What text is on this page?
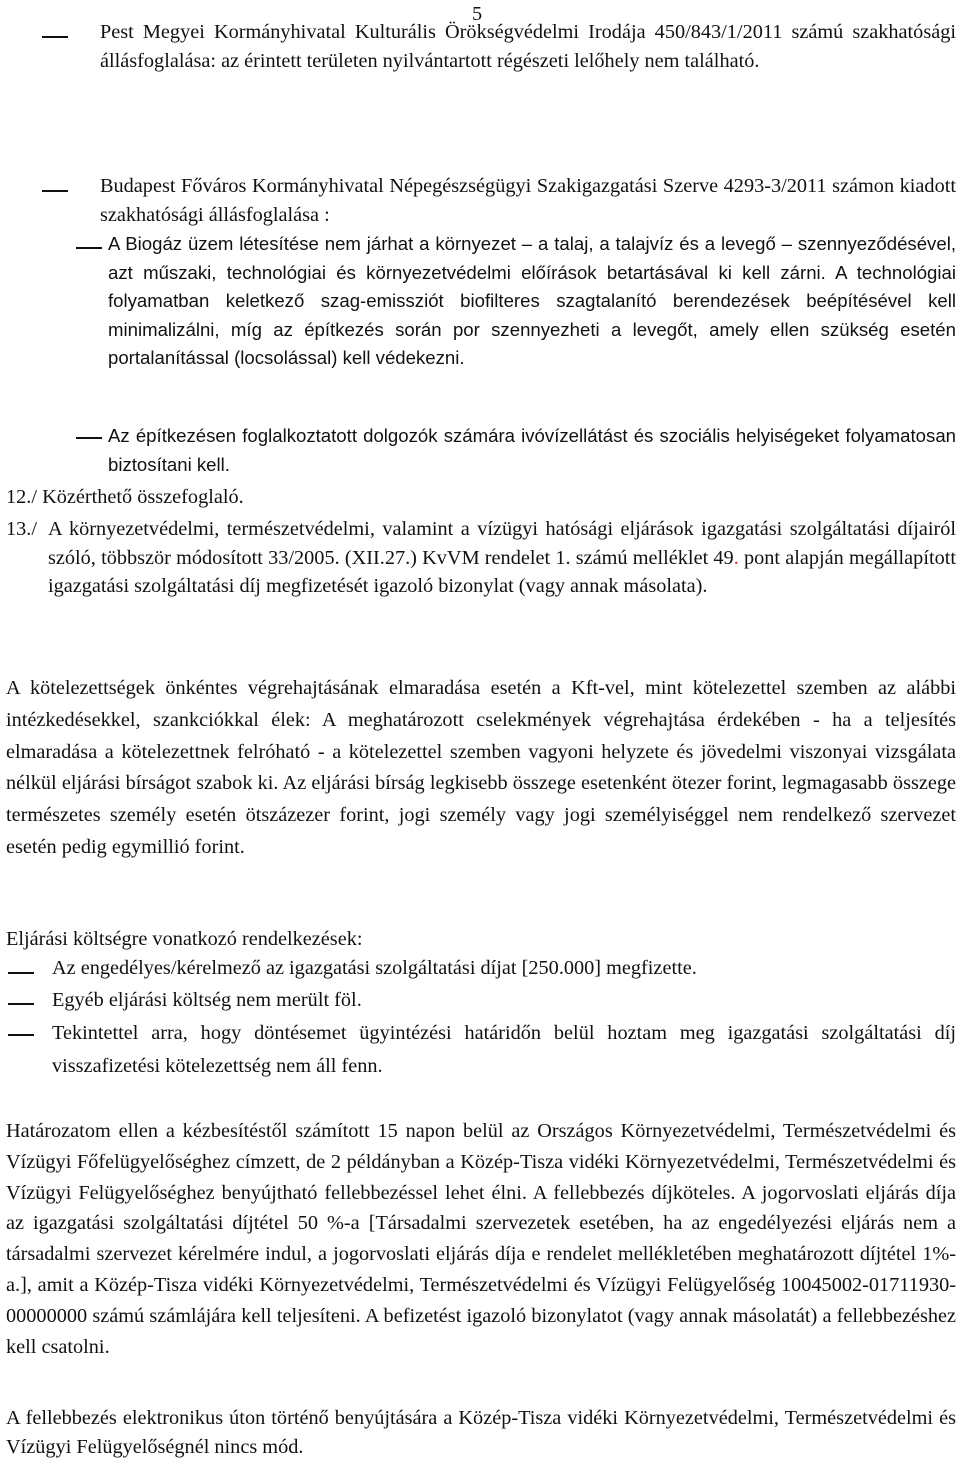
5
Pest Megyei Kormányhivatal Kulturális Örökségvédelmi Irodája 450/843/1/2011 számú szakhatósági állásfoglalása: az érintett területen nyilvántartott régészeti lelőhely nem található.
Budapest Főváros Kormányhivatal Népegészségügyi Szakigazgatási Szerve 4293-3/2011 számon kiadott szakhatósági állásfoglalása :
A Biogáz üzem létesítése nem járhat a környezet – a talaj, a talajvíz és a levegő – szennyeződésével, azt műszaki, technológiai és környezetvédelmi előírások betartásával ki kell zárni. A technológiai folyamatban keletkező szag-emissziót biofilteres szagtalanító berendezések beépítésével kell minimalizálni, míg az építkezés során por szennyezheti a levegőt, amely ellen szükség esetén portalanítással (locsolással) kell védekezni.
Az építkezésen foglalkoztatott dolgozók számára ivóvízellátást és szociális helyiségeket folyamatosan biztosítani kell.
12./ Közérthető összefoglaló.
13./ A környezetvédelmi, természetvédelmi, valamint a vízügyi hatósági eljárások igazgatási szolgáltatási díjairól szóló, többször módosított 33/2005. (XII.27.) KvVM rendelet 1. számú melléklet 49. pont alapján megállapított igazgatási szolgáltatási díj megfizetését igazoló bizonylat (vagy annak másolata).
A kötelezettségek önkéntes végrehajtásának elmaradása esetén a Kft-vel, mint kötelezettel szemben az alábbi intézkedésekkel, szankciókkal élek: A meghatározott cselekmények végrehajtása érdekében - ha a teljesítés elmaradása a kötelezettnek felróható - a kötelezettel szemben vagyoni helyzete és jövedelmi viszonyai vizsgálata nélkül eljárási bírságot szabok ki. Az eljárási bírság legkisebb összege esetenként ötezer forint, legmagasabb összege természetes személy esetén ötszázezer forint, jogi személy vagy jogi személyiséggel nem rendelkező szervezet esetén pedig egymillió forint.
Eljárási költségre vonatkozó rendelkezések:
Az engedélyes/kérelmező az igazgatási szolgáltatási díjat [250.000] megfizette.
Egyéb eljárási költség nem merült föl.
Tekintettel arra, hogy döntésemet ügyintézési határidőn belül hoztam meg igazgatási szolgáltatási díj visszafizetési kötelezettség nem áll fenn.
Határozatom ellen a kézbesítéstől számított 15 napon belül az Országos Környezetvédelmi, Természetvédelmi és Vízügyi Főfelügyelőséghez címzett, de 2 példányban a Közép-Tisza vidéki Környezetvédelmi, Természetvédelmi és Vízügyi Felügyelőséghez benyújtható fellebbezéssel lehet élni. A fellebbezés díjköteles. A jogorvoslati eljárás díja az igazgatási szolgáltatási díjtétel 50 %-a [Társadalmi szervezetek esetében, ha az engedélyezési eljárás nem a társadalmi szervezet kérelmére indul, a jogorvoslati eljárás díja e rendelet mellékletében meghatározott díjtétel 1%-a.], amit a Közép-Tisza vidéki Környezetvédelmi, Természetvédelmi és Vízügyi Felügyelőség 10045002-01711930-00000000 számú számlájára kell teljesíteni. A befizetést igazoló bizonylatot (vagy annak másolatát) a fellebbezéshez kell csatolni.
A fellebbezés elektronikus úton történő benyújtására a Közép-Tisza vidéki Környezetvédelmi, Természetvédelmi és Vízügyi Felügyelőségnél nincs mód.
